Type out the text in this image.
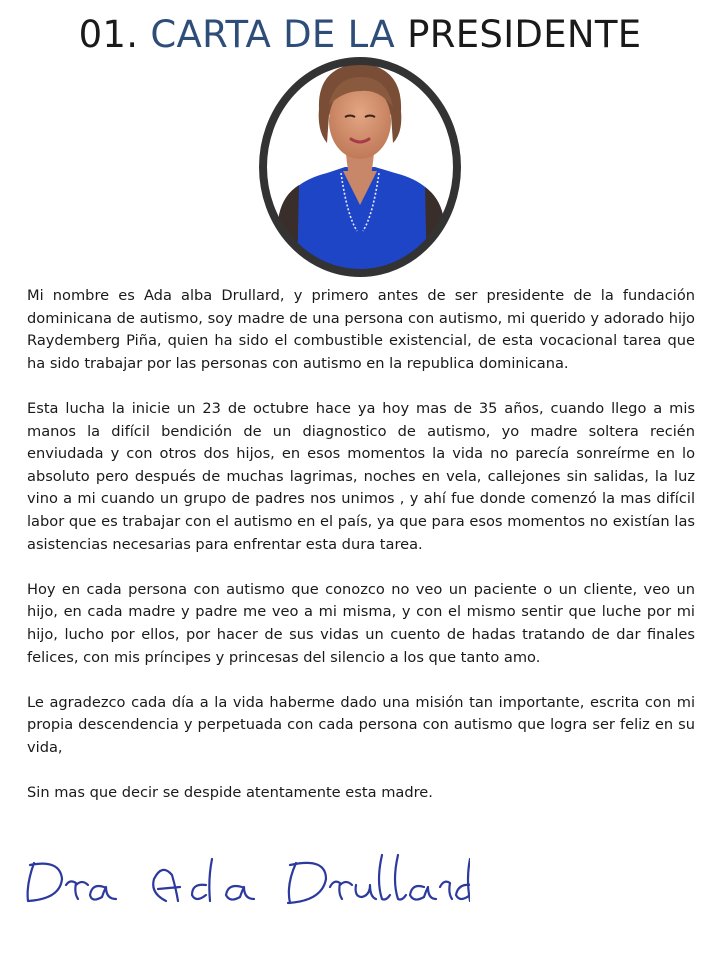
01. CARTA DE LA PRESIDENTE

Mi nombre es Ada alba Drullard, y primero antes de ser presidente de la fundación dominicana de autismo, soy madre de una persona con autismo, mi querido y adorado hijo Raydemberg Piña, quien ha sido el combustible existencial, de esta vocacional tarea que ha sido trabajar por las personas con autismo en la republica dominicana.

Esta lucha la inicie un 23 de octubre hace ya hoy mas de 35 años, cuando llego a mis manos la difícil bendición de un diagnostico de autismo, yo madre soltera recién enviudada y con otros dos hijos, en esos momentos la vida no parecía sonreírme en lo absoluto pero después de muchas lagrimas, noches en vela, callejones sin salidas, la luz vino a mi cuando un grupo de padres nos unimos , y ahí fue donde comenzó la mas difícil labor que es trabajar con el autismo en el país, ya que para esos momentos no existían las asistencias necesarias para enfrentar esta dura tarea.

Hoy en cada persona con autismo que conozco no veo un paciente o un cliente, veo un hijo, en cada madre y padre me veo a mi misma, y con el mismo sentir que luche por mi hijo, lucho por ellos, por hacer de sus vidas un cuento de hadas tratando de dar finales felices, con mis príncipes y princesas del silencio a los que tanto amo.

Le agradezco cada día a la vida haberme dado una misión tan importante, escrita con mi propia descendencia y perpetuada con cada persona con autismo que logra ser feliz en su vida,

Sin mas que decir se despide atentamente esta madre.
